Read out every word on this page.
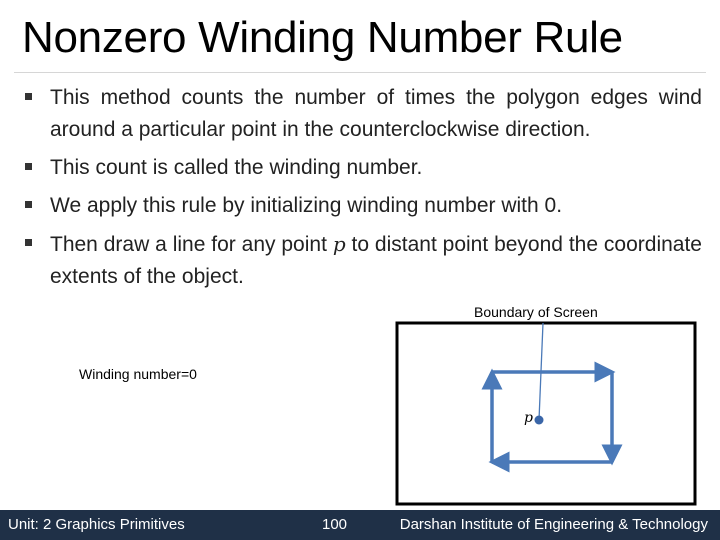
Nonzero Winding Number Rule
This method counts the number of times the polygon edges wind around a particular point in the counterclockwise direction.
This count is called the winding number.
We apply this rule by initializing winding number with 0.
Then draw a line for any point p to distant point beyond the coordinate extents of the object.
p
Boundary of Screen
Winding number=0
Unit: 2 Graphics Primitives	100	Darshan Institute of Engineering & Technology
